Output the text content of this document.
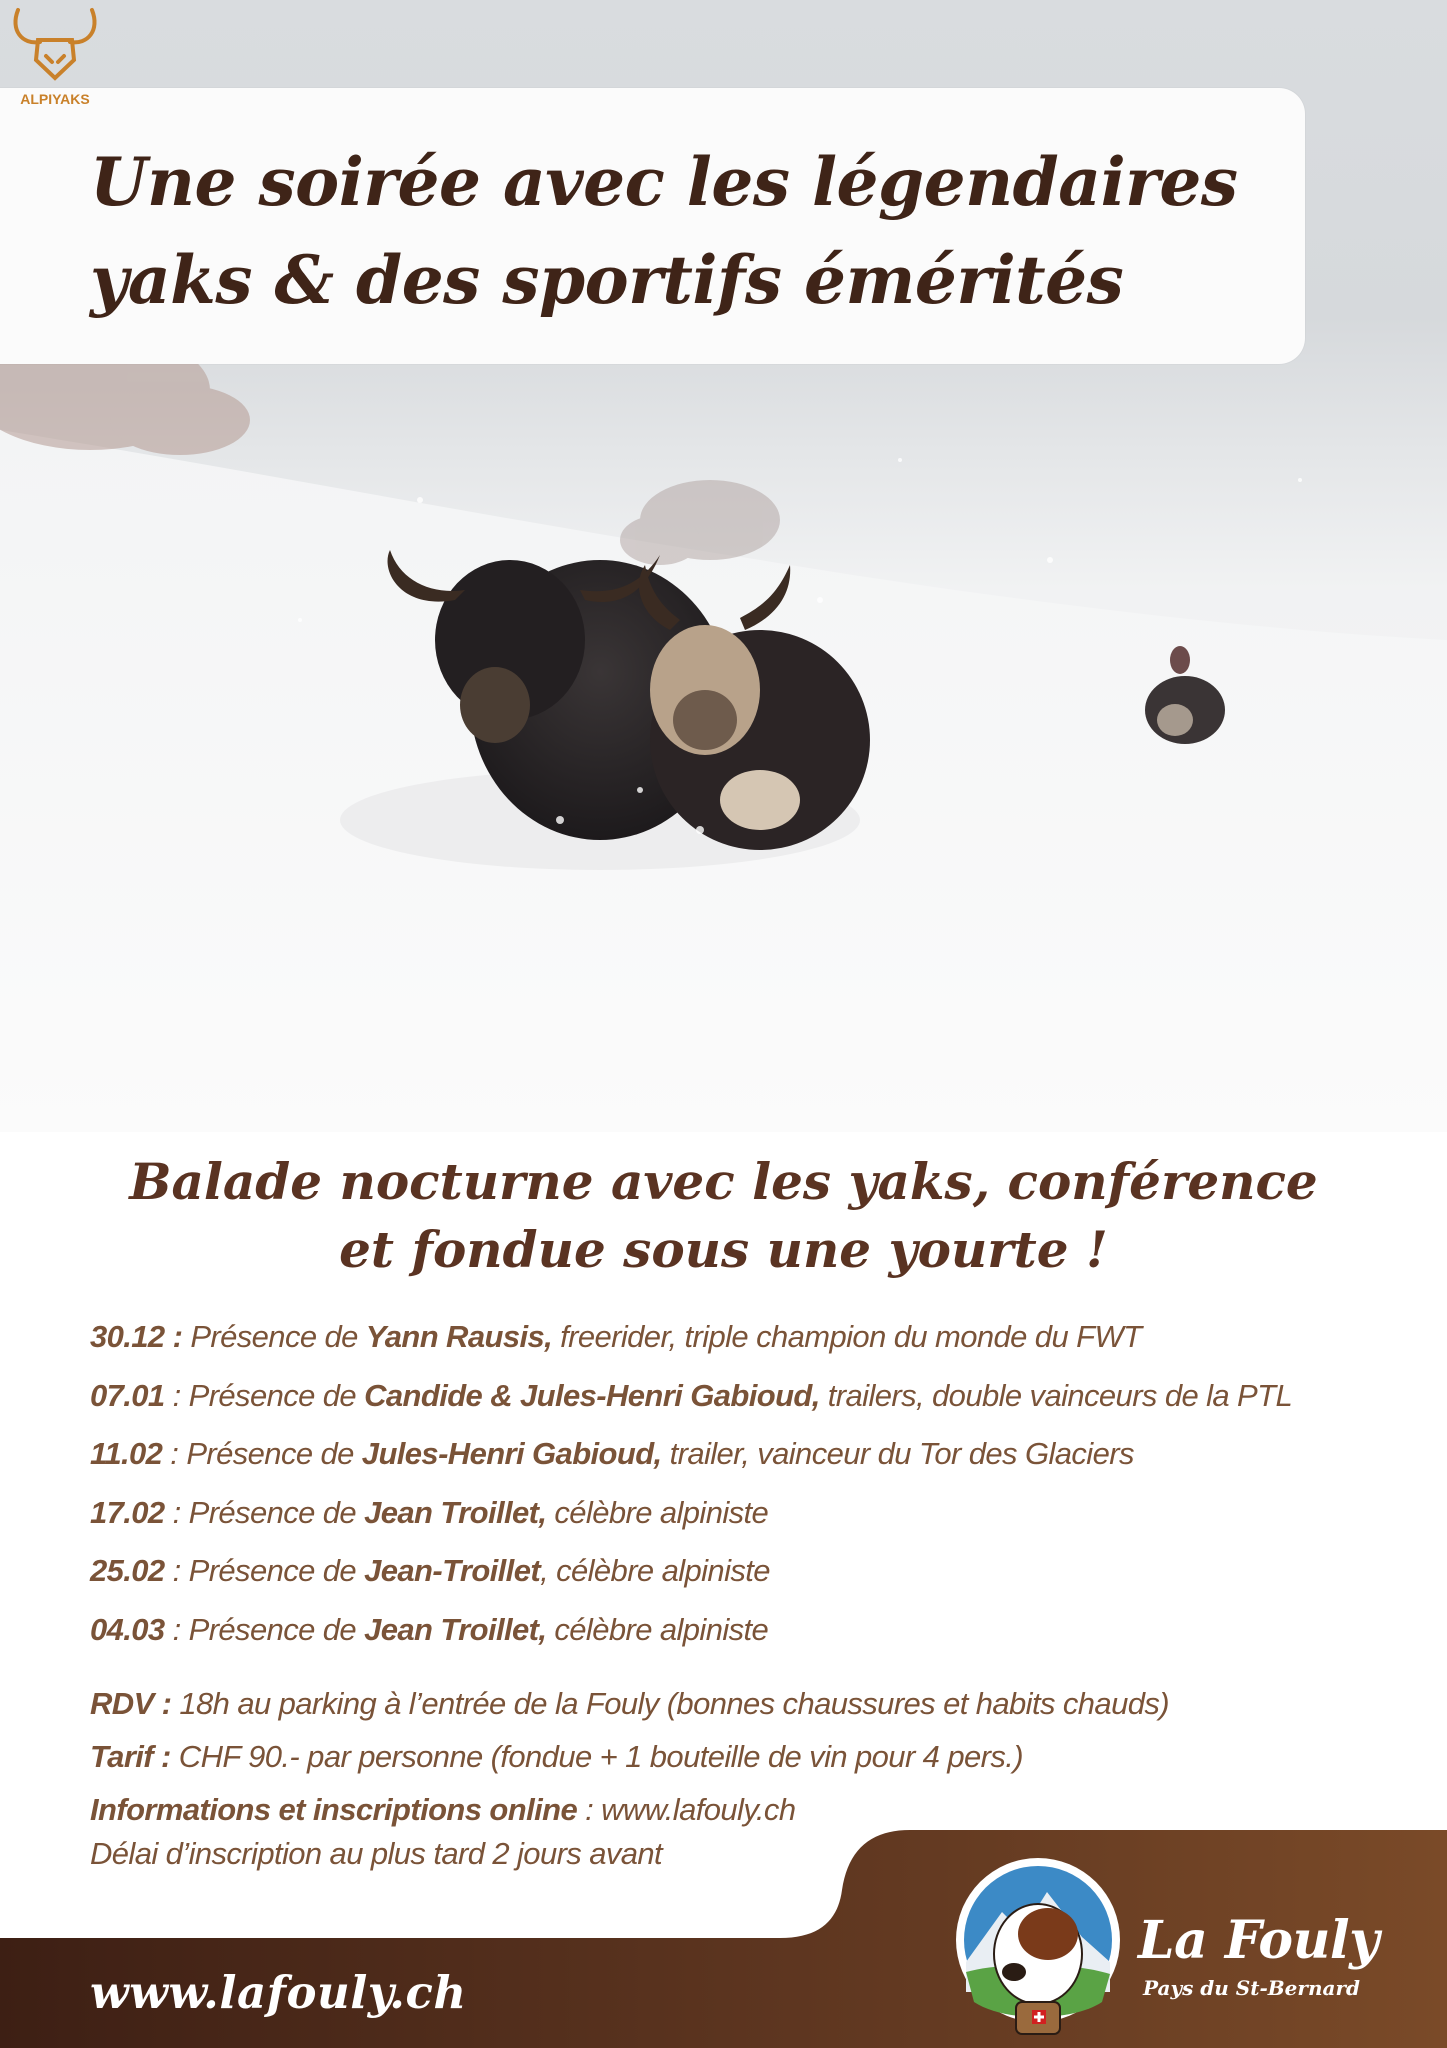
Une soirée avec les légendaires
yaks & des sportifs émérités
ALPIYAKS
Balade nocturne avec les yaks, conférence
et fondue sous une yourte !
30.12 : Présence de Yann Rausis, freerider, triple champion du monde du FWT
07.01 : Présence de Candide & Jules-Henri Gabioud, trailers, double vainceurs de la PTL
11.02 : Présence de Jules-Henri Gabioud, trailer, vainceur du Tor des Glaciers
17.02 : Présence de Jean Troillet, célèbre alpiniste
25.02 : Présence de Jean-Troillet, célèbre alpiniste
04.03 : Présence de Jean Troillet, célèbre alpiniste

RDV : 18h au parking à l’entrée de la Fouly (bonnes chaussures et habits chauds)

Tarif : CHF 90.- par personne (fondue + 1 bouteille de vin pour 4 pers.)

Informations et inscriptions online : www.lafouly.ch

Délai d’inscription au plus tard 2 jours avant

www.lafouly.ch

La Fouly

Pays du St-Bernard
